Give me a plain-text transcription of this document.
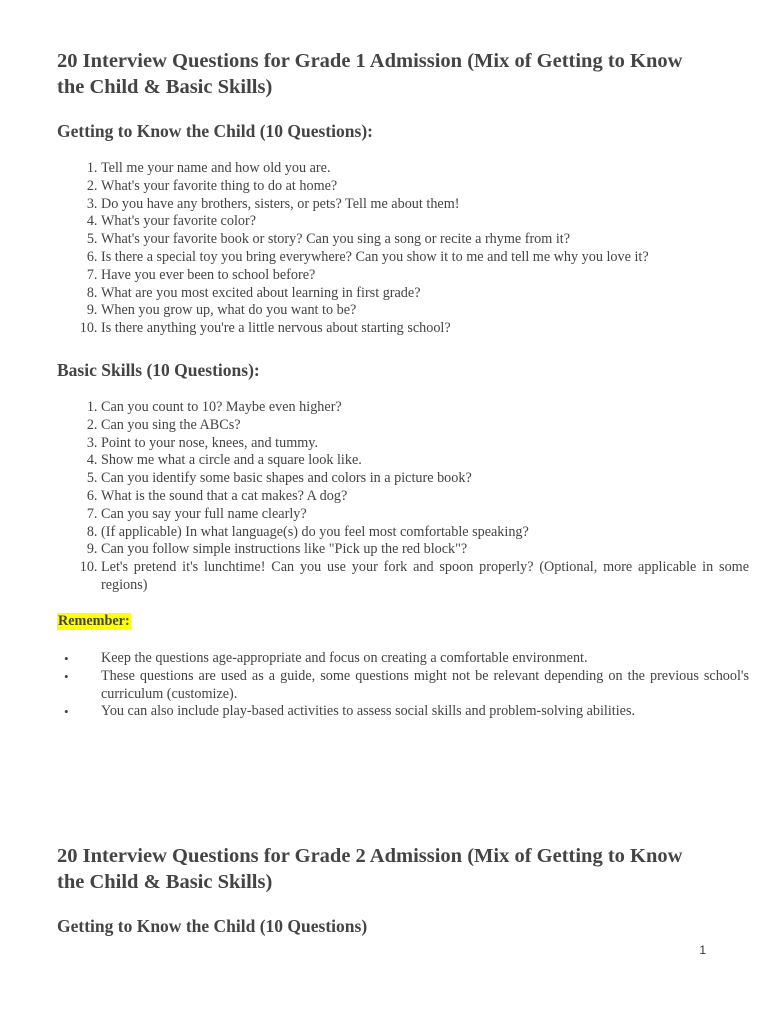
20 Interview Questions for Grade 1 Admission (Mix of Getting to Know the Child & Basic Skills)
Getting to Know the Child (10 Questions):
1. Tell me your name and how old you are.
2. What's your favorite thing to do at home?
3. Do you have any brothers, sisters, or pets? Tell me about them!
4. What's your favorite color?
5. What's your favorite book or story? Can you sing a song or recite a rhyme from it?
6. Is there a special toy you bring everywhere? Can you show it to me and tell me why you love it?
7. Have you ever been to school before?
8. What are you most excited about learning in first grade?
9. When you grow up, what do you want to be?
10. Is there anything you're a little nervous about starting school?
Basic Skills (10 Questions):
1. Can you count to 10? Maybe even higher?
2. Can you sing the ABCs?
3. Point to your nose, knees, and tummy.
4. Show me what a circle and a square look like.
5. Can you identify some basic shapes and colors in a picture book?
6. What is the sound that a cat makes? A dog?
7. Can you say your full name clearly?
8. (If applicable) In what language(s) do you feel most comfortable speaking?
9. Can you follow simple instructions like "Pick up the red block"?
10. Let's pretend it's lunchtime! Can you use your fork and spoon properly? (Optional, more applicable in some regions)
Remember:
• Keep the questions age-appropriate and focus on creating a comfortable environment.
• These questions are used as a guide, some questions might not be relevant depending on the previous school's curriculum (customize).
• You can also include play-based activities to assess social skills and problem-solving abilities.
20 Interview Questions for Grade 2 Admission (Mix of Getting to Know the Child & Basic Skills)
Getting to Know the Child (10 Questions)
1
